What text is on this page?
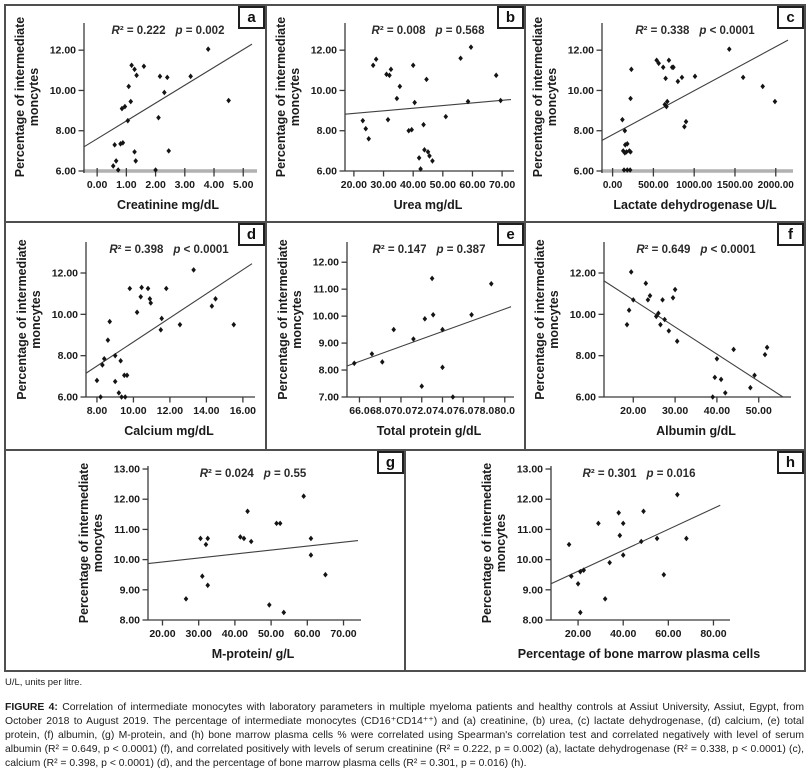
0.00 1.00 2.00 3.00 4.00 5.00
6.00
8.00
10.00
12.00
Creatinine mg/dL
Percentage of intermediate moncytes
R² = 0.222 p = 0.002
a
20.00 30.00 40.00 50.00 60.00 70.00
6.00
8.00
10.00
12.00
Urea mg/dL
Percentage of intermediate moncytes
R² = 0.008 p = 0.568
b
0.00 500.00 1000.00 1500.00 2000.00
6.00
8.00
10.00
12.00
Lactate dehydrogenase U/L
Percentage of intermediate moncytes
R² = 0.338 p < 0.0001
c
8.00 10.00 12.00 14.00 16.00
6.00
8.00
10.00
12.00
Calcium mg/dL
Percentage of intermediate moncytes
R² = 0.398 p < 0.0001
d
66.0 68.0 70.0 72.0 74.0 76.0 78.0 80.0
7.00
8.00
9.00
10.00
11.00
12.00
Total protein g/dL
Percentage of intermediate moncytes
R² = 0.147 p = 0.387
e
20.00 30.00 40.00 50.00
6.00
8.00
10.00
12.00
Albumin g/dL
Percentage of intermediate moncytes
R² = 0.649 p < 0.0001
f
20.00 30.00 40.00 50.00 60.00 70.00
8.00
9.00
10.00
11.00
12.00
13.00
M-protein/ g/L
Percentage of intermediate moncytes
R² = 0.024 p = 0.55
g
20.00 40.00 60.00 80.00
8.00
9.00
10.00
11.00
12.00
13.00
Percentage of bone marrow plasma cells
Percentage of intermediate moncytes
R² = 0.301 p = 0.016
h
U/L, units per litre.

FIGURE 4: Correlation of intermediate monocytes with laboratory parameters in multiple myeloma patients and healthy controls at Assiut University, Assiut, Egypt, from October 2018 to August 2019. The percentage of intermediate monocytes (CD16⁺CD14⁺⁺) and (a) creatinine, (b) urea, (c) lactate dehydrogenase, (d) calcium, (e) total protein, (f) albumin, (g) M-protein, and (h) bone marrow plasma cells % were correlated using Spearman's correlation test and correlated negatively with level of serum albumin (R² = 0.649, p < 0.0001) (f), and correlated positively with levels of serum creatinine (R² = 0.222, p = 0.002) (a), lactate dehydrogenase (R² = 0.338, p < 0.0001) (c), calcium (R² = 0.398, p < 0.0001) (d), and the percentage of bone marrow plasma cells (R² = 0.301, p = 0.016) (h).
